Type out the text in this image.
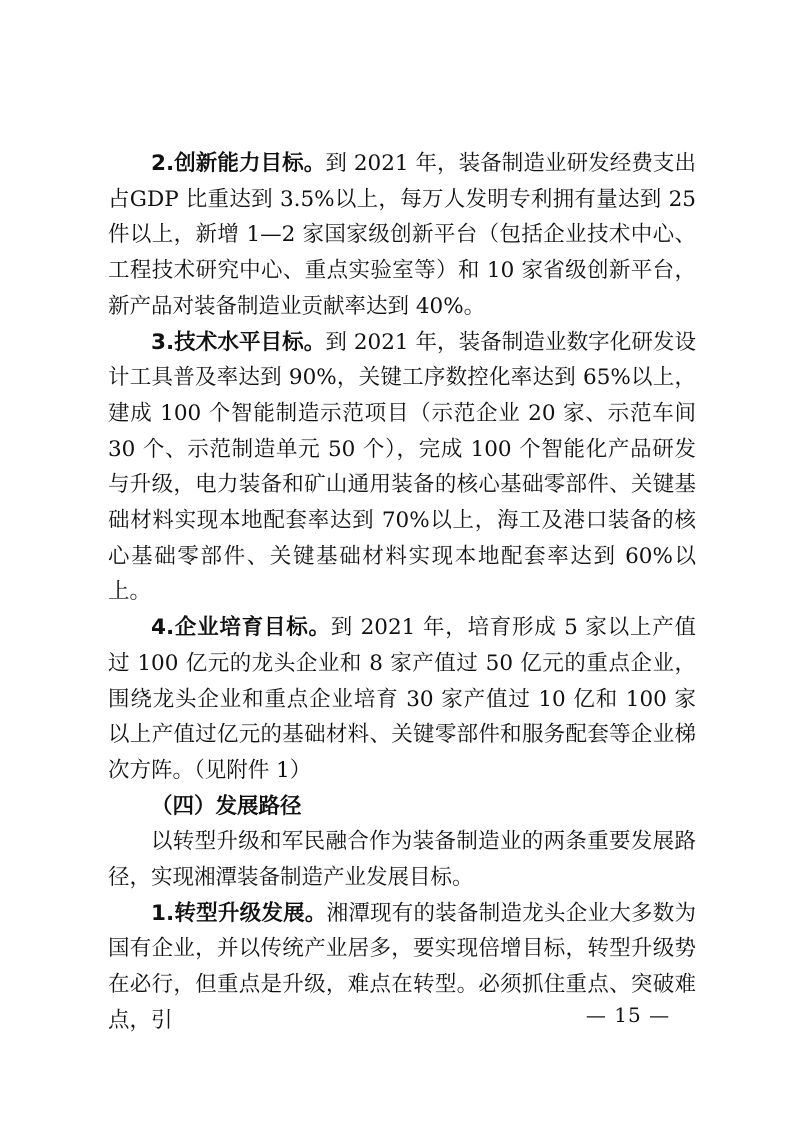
2.创新能力目标。到 2021 年，装备制造业研发经费支出占GDP 比重达到 3.5%以上，每万人发明专利拥有量达到 25 件以上，新增 1—2 家国家级创新平台（包括企业技术中心、工程技术研究中心、重点实验室等）和 10 家省级创新平台，新产品对装备制造业贡献率达到 40%。

3.技术水平目标。到 2021 年，装备制造业数字化研发设计工具普及率达到 90%，关键工序数控化率达到 65%以上，建成 100 个智能制造示范项目（示范企业 20 家、示范车间 30 个、示范制造单元 50 个），完成 100 个智能化产品研发与升级，电力装备和矿山通用装备的核心基础零部件、关键基础材料实现本地配套率达到 70%以上，海工及港口装备的核心基础零部件、关键基础材料实现本地配套率达到 60%以上。

4.企业培育目标。到 2021 年，培育形成 5 家以上产值过 100 亿元的龙头企业和 8 家产值过 50 亿元的重点企业，围绕龙头企业和重点企业培育 30 家产值过 10 亿和 100 家以上产值过亿元的基础材料、关键零部件和服务配套等企业梯次方阵。（见附件 1）

（四）发展路径

以转型升级和军民融合作为装备制造业的两条重要发展路径，实现湘潭装备制造产业发展目标。

1.转型升级发展。湘潭现有的装备制造龙头企业大多数为国有企业，并以传统产业居多，要实现倍增目标，转型升级势在必行，但重点是升级，难点在转型。必须抓住重点、突破难点，引	— 15 —
